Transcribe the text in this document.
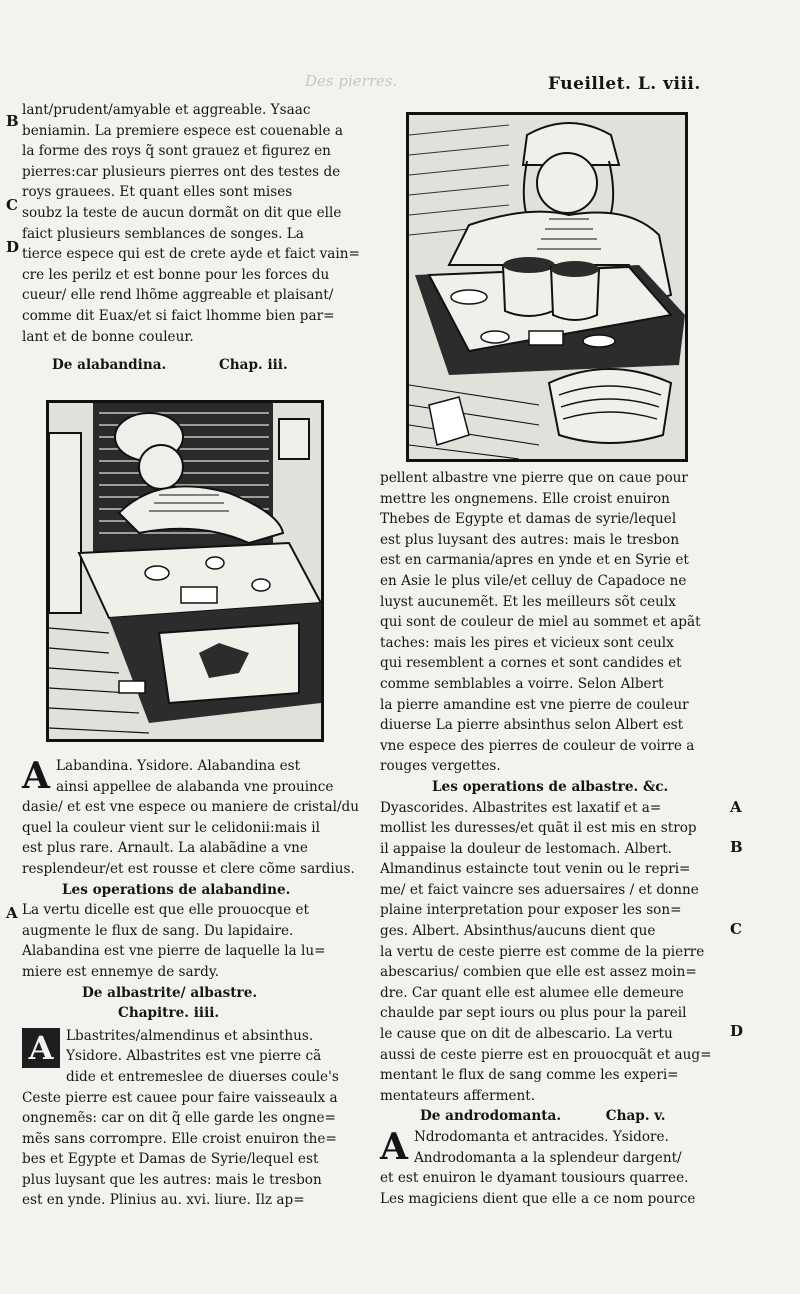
Des pierres.	Fueillet. L. viii.
B
C
D
A
A
B
C
D
lant/prudent/amyable et aggreable. Ysaac
beniamin. La premiere espece est couenable a
la forme des roys q̃ sont grauez et figurez en
pierres:car plusieurs pierres ont des testes de
roys grauees. Et quant elles sont mises
soubz la teste de aucun dormãt on dit que elle
faict plusieurs semblances de songes. La
tierce espece qui est de crete ayde et faict vain=
cre les perilz et est bonne pour les forces du
cueur/ elle rend lhõme aggreable et plaisant/
comme dit Euax/et si faict lhomme bien par=
lant et de bonne couleur.
De alabandina.	Chap. iii.
A Labandina. Ysidore. Alabandina est
ainsi appellee de alabanda vne prouince
dasie/ et est vne espece ou maniere de cristal/du
quel la couleur vient sur le celidonii:mais il
est plus rare. Arnault. La alabãdine a vne
resplendeur/et est rousse et clere cõme sardius.
Les operations de alabandine.
La vertu dicelle est que elle prouocque et
augmente le flux de sang. Du lapidaire.
Alabandina est vne pierre de laquelle la lu=
miere est ennemye de sardy.
De albastrite/ albastre.
Chapitre. iiii.
A Lbastrites/almendinus et absinthus.
Ysidore. Albastrites est vne pierre cã
dide et entremeslee de diuerses coule's
Ceste pierre est cauee pour faire vaisseaulx a
ongnemẽs: car on dit q̃ elle garde les ongne=
mẽs sans corrompre. Elle croist enuiron the=
bes et Egypte et Damas de Syrie/lequel est
plus luysant que les autres: mais le tresbon
est en ynde. Plinius au. xvi. liure. Ilz ap=
pellent albastre vne pierre que on caue pour
mettre les ongnemens. Elle croist enuiron
Thebes de Egypte et damas de syrie/lequel
est plus luysant des autres: mais le tresbon
est en carmania/apres en ynde et en Syrie et
en Asie le plus vile/et celluy de Capadoce ne
luyst aucunemẽt. Et les meilleurs sõt ceulx
qui sont de couleur de miel au sommet et apãt
taches: mais les pires et vicieux sont ceulx
qui resemblent a cornes et sont candides et
comme semblables a voirre. Selon Albert
la pierre amandine est vne pierre de couleur
diuerse La pierre absinthus selon Albert est
vne espece des pierres de couleur de voirre a
rouges vergettes.
Les operations de albastre. &c.
Dyascorides. Albastrites est laxatif et a=
mollist les duresses/et quãt il est mis en strop
il appaise la douleur de lestomach. Albert.
Almandinus estaincte tout venin ou le repri=
me/ et faict vaincre ses aduersaires / et donne
plaine interpretation pour exposer les son=
ges. Albert. Absinthus/aucuns dient que
la vertu de ceste pierre est comme de la pierre
abescarius/ combien que elle est assez moin=
dre. Car quant elle est alumee elle demeure
chaulde par sept iours ou plus pour la pareil
le cause que on dit de albescario. La vertu
aussi de ceste pierre est en prouocquãt et aug=
mentant le flux de sang comme les experi=
mentateurs afferment.
De androdomanta.	Chap. v.
A Ndrodomanta et antracides. Ysidore.
Androdomanta a la splendeur dargent/
et est enuiron le dyamant tousiours quarree.
Les magiciens dient que elle a ce nom pource
